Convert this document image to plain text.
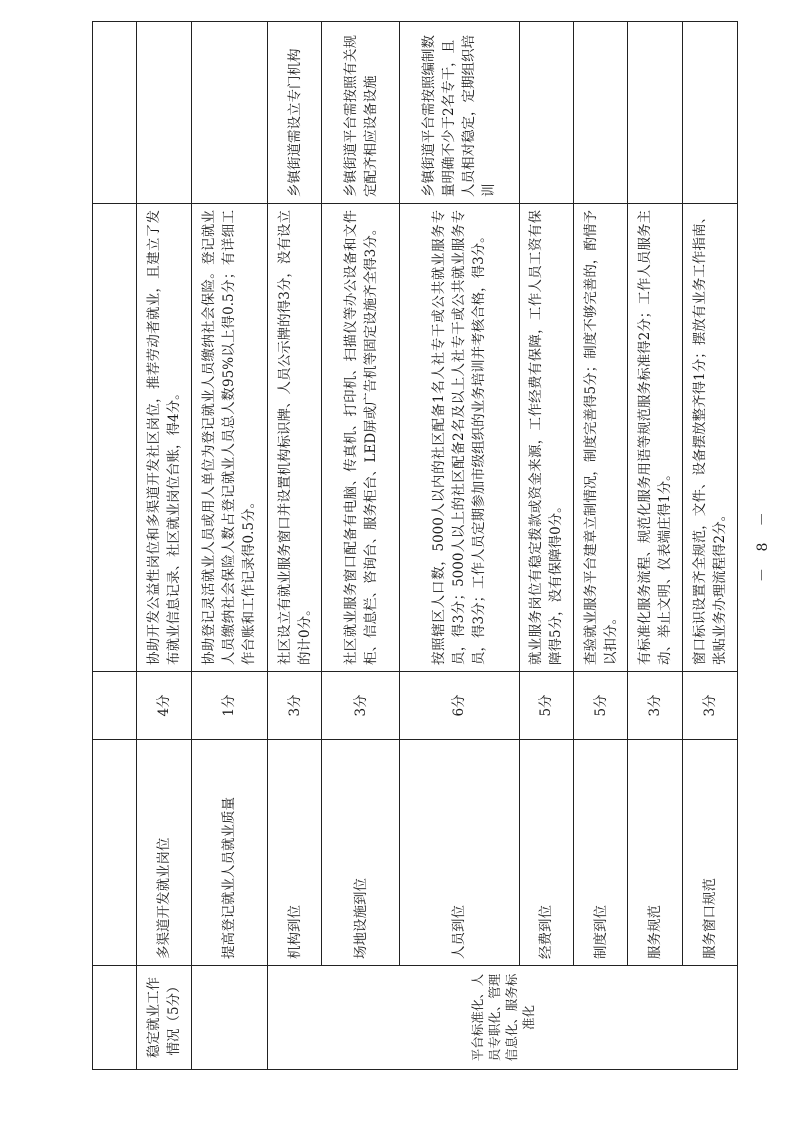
稳定就业工作情况（5分）	多渠道开发就业岗位	4分	协助开发公益性岗位和多渠道开发社区岗位，推荐劳动者就业，且建立了发布就业信息记录、社区就业岗位台账，得4分。	
	提高登记就业人员就业质量	1分	协助登记灵活就业人员或用人单位为登记就业人员缴纳社会保险。登记就业人员缴纳社会保险人数占登记就业人员总人数95%以上得0.5分；有详细工作台账和工作记录得0.5分。	
平台标准化、人员专职化、管理信息化、服务标准化	机构到位	3分	社区设立有就业服务窗口并设置机构标识牌、人员公示牌的得3分，没有设立的计0分。	乡镇街道需设立专门机构
	场地设施到位	3分	社区就业服务窗口配备有电脑、传真机、打印机、扫描仪等办公设备和文件柜、信息栏、咨询台、服务柜台、LED屏或广告机等固定设施齐全得3分。	乡镇街道平台需按照有关规定配齐相应设备设施
	人员到位	6分	按照辖区人口数，5000人以内的社区配备1名人社专干或公共就业服务专员，得3分；5000人以上的社区配备2名及以上人社专干或公共就业服务专员，得3分；工作人员定期参加市级组织的业务培训并考核合格，得3分。	乡镇街道平台需按照编制数量明确不少于2名专干，且人员相对稳定，定期组织培训
	经费到位	5分	就业服务岗位有稳定拨款或资金来源，工作经费有保障，工作人员工资有保障得5分，没有保障得0分。	
	制度到位	5分	查验就业服务平台建章立制情况，制度完善得5分；制度不够完善的，酌情予以扣分。	
	服务规范	3分	有标准化服务流程、规范化服务用语等规范服务标准得2分；工作人员服务主动、举止文明、仪表端庄得1分。	
	服务窗口规范	3分	窗口标识设置齐全规范，文件、设备摆放整齐得1分；摆放有业务工作指南、张贴业务办理流程得2分。	－ 8 －
